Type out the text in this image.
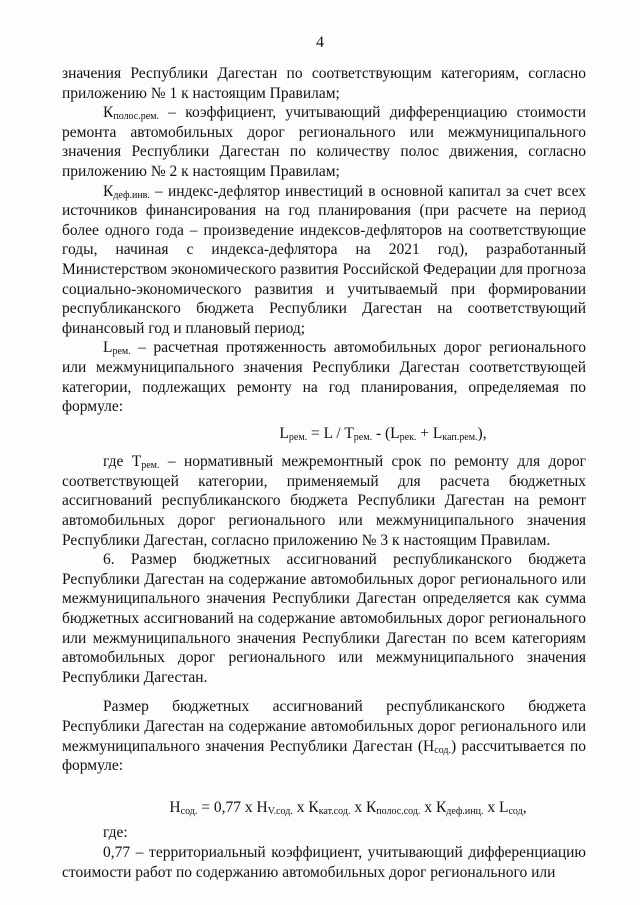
4

значения Республики Дагестан по соответствующим категориям, согласно приложению № 1 к настоящим Правилам;

$К_{полос.рем.}$ – коэффициент, учитывающий дифференциацию стоимости ремонта автомобильных дорог регионального или межмуниципального значения Республики Дагестан по количеству полос движения, согласно приложению № 2 к настоящим Правилам;

$К_{деф.инв.}$ – индекс-дефлятор инвестиций в основной капитал за счет всех источников финансирования на год планирования (при расчете на период более одного года – произведение индексов-дефляторов на соответствующие годы, начиная с индекса-дефлятора на 2021 год), разработанный Министерством экономического развития Российской Федерации для прогноза социально-экономического развития и учитываемый при формировании республиканского бюджета Республики Дагестан на соответствующий финансовый год и плановый период;

$L_{рем.}$ – расчетная протяженность автомобильных дорог регионального или межмуниципального значения Республики Дагестан соответствующей категории, подлежащих ремонту на год планирования, определяемая по формуле:

$L_{рем.} = L / T_{рем.} - (L_{рек.} + L_{кап.рем.})$,

где $T_{рем.}$ – нормативный межремонтный срок по ремонту для дорог соответствующей категории, применяемый для расчета бюджетных ассигнований республиканского бюджета Республики Дагестан на ремонт автомобильных дорог регионального или межмуниципального значения Республики Дагестан, согласно приложению № 3 к настоящим Правилам.

6. Размер бюджетных ассигнований республиканского бюджета Республики Дагестан на содержание автомобильных дорог регионального или межмуниципального значения Республики Дагестан определяется как сумма бюджетных ассигнований на содержание автомобильных дорог регионального или межмуниципального значения Республики Дагестан по всем категориям автомобильных дорог регионального или межмуниципального значения Республики Дагестан.

Размер бюджетных ассигнований республиканского бюджета Республики Дагестан на содержание автомобильных дорог регионального или межмуниципального значения Республики Дагестан $(Н_{сод.})$ рассчитывается по формуле:

$Н_{сод.} = 0,77$ x $Н_{V.сод.}$ x $К_{кат.сод.}$ x $К_{полос.сод.}$ x $К_{деф.инц.}$ x $L_{сод}$,

где:

0,77 – территориальный коэффициент, учитывающий дифференциацию стоимости работ по содержанию автомобильных дорог регионального или
